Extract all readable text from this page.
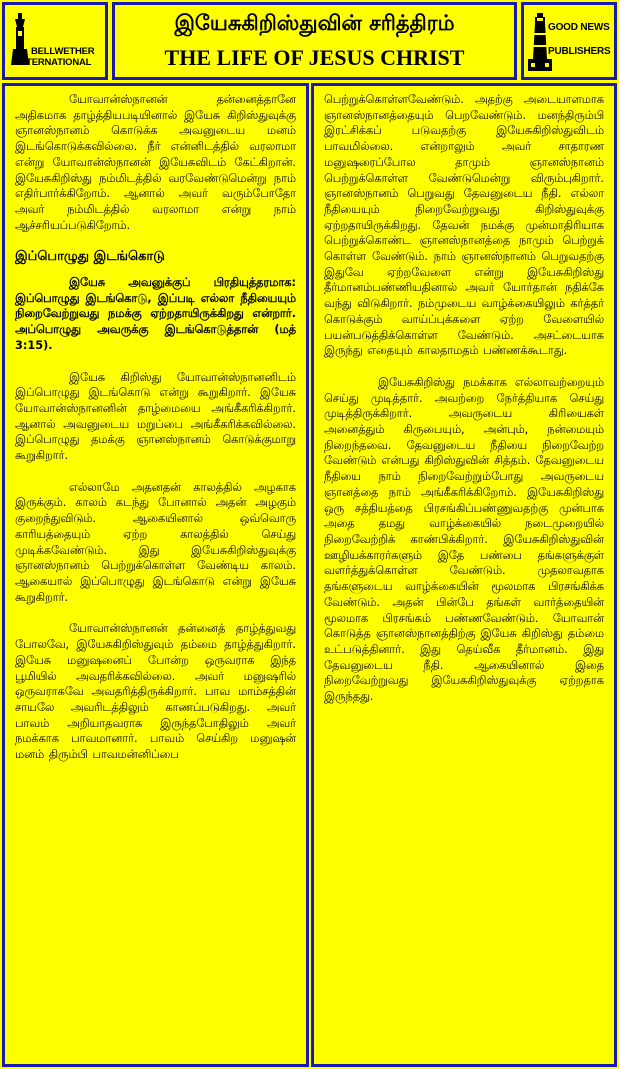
BELLWETHER
INTERNATIONAL
இயேசுகிறிஸ்துவின் சரித்திரம்
THE LIFE OF JESUS CHRIST
GOOD NEWS
PUBLISHERS

யோவான்ஸ்நானன் தன்னைத்தானே அதிகமாக தாழ்த்தியபடியினால் இயேசு கிறிஸ்துவுக்கு ஞானஸ்நானம் கொடுக்க அவனுடைய மனம் இடங்கொடுக்கவில்லை. நீர் என்னிடத்தில் வரலாமா என்று யோவான்ஸ்நானன் இயேசுவிடம் கேட்கிறான். இயேசுகிறிஸ்து நம்மிடத்தில் வரவேண்டுமென்று நாம் எதிர்பார்க்கிறோம். ஆனால் அவர் வரும்போதோ அவர் நம்மிடத்தில் வரலாமா என்று நாம் ஆச்சரியப்படுகிறோம்.

இப்பொழுது இடங்கொடு

இயேசு அவனுக்குப் பிரதியுத்தரமாக: இப்பொழுது இடங்கொடு, இப்படி எல்லா நீதியையும் நிறைவேற்றுவது நமக்கு ஏற்றதாயிருக்கிறது என்றார். அப்பொழுது அவருக்கு இடங்கொடுத்தான் (மத் 3:15).

இயேசு கிறிஸ்து யோவான்ஸ்நானனிடம் இப்பொழுது இடங்கொடு என்று கூறுகிறார். இயேசு யோவான்ஸ்நானனின் தாழ்மையை அங்கீகரிக்கிறார். ஆனால் அவனுடைய மறுப்பை அங்கீகரிக்கவில்லை. இப்பொழுது தமக்கு ஞானஸ்நானம் கொடுக்குமாறு கூறுகிறார்.

எல்லாமே அதனதன் காலத்தில் அழகாக இருக்கும். காலம் கடந்து போனால் அதன் அழகும் குறைந்துவிடும். ஆகையினால் ஒவ்வொரு காரியத்தையும் ஏற்ற காலத்தில் செய்து முடிக்கவேண்டும். இது இயேசுகிறிஸ்துவுக்கு ஞானஸ்நானம் பெற்றுக்கொள்ள வேண்டிய காலம். ஆகையால் இப்பொழுது இடங்கொடு என்று இயேசு கூறுகிறார்.

யோவான்ஸ்நானன் தன்னைத் தாழ்த்துவது போலவே, இயேசுகிறிஸ்துவும் தம்மை தாழ்த்துகிறார். இயேசு மனுஷனைப் போன்ற ஒருவராக இந்த பூமியில் அவதரிக்கவில்லை. அவர் மனுஷரில் ஒருவராகவே அவதரித்திருக்கிறார். பாவ மாம்சத்தின் சாயலே அவரிடத்திலும் காணப்படுகிறது. அவர் பாவம் அறியாதவராக இருந்தபோதிலும் அவர் நமக்காக பாவமானார். பாவம் செய்கிற மனுஷன் மனம் திரும்பி பாவமன்னிப்பை

பெற்றுக்கொள்ளவேண்டும். அதற்கு அடையாளமாக ஞானஸ்நானத்தையும் பெறவேண்டும். மனந்திரும்பி இரட்சிக்கப் படுவதற்கு இயேசுகிறிஸ்துவிடம் பாவமில்லை. என்றாலும் அவர் சாதாரண மனுஷரைப்போல தாமும் ஞானஸ்நானம் பெற்றுக்கொள்ள வேண்டுமென்று விரும்புகிறார். ஞானஸ்நானம் பெறுவது தேவனுடைய நீதி. எல்லா நீதியையும் நிறைவேற்றுவது கிறிஸ்துவுக்கு ஏற்றதாயிருக்கிறது. தேவன் நமக்கு முன்மாதிரியாக பெற்றுக்கொண்ட ஞானஸ்நானத்தை நாமும் பெற்றுக் கொள்ள வேண்டும். நாம் ஞானஸ்நானம் பெறுவதற்கு இதுவே ஏற்றவேளை என்று இயேசுகிறிஸ்து தீர்மானம்பண்ணியதினால் அவர் யோர்தான் நதிக்கே வந்து விடுகிறார். நம்முடைய வாழ்க்கையிலும் கர்த்தர் கொடுக்கும் வாய்ப்புக்களை ஏற்ற வேளையில் பயன்படுத்திக்கொள்ள வேண்டும். அசட்டையாக இருந்து எதையும் காலதாமதம் பண்ணக்கூடாது.

இயேசுகிறிஸ்து நமக்காக எல்லாவற்றையும் செய்து முடித்தார். அவற்றை நேர்த்தியாக செய்து முடித்திருக்கிறார். அவருடைய கிரியைகள் அனைத்தும் கிருபையும், அன்பும், நன்மையும் நிறைந்தவை. தேவனுடைய நீதியை நிறைவேற்ற வேண்டும் என்பது கிறிஸ்துவின் சித்தம். தேவனுடைய நீதியை நாம் நிறைவேற்றும்போது அவருடைய ஞானத்தை நாம் அங்கீகரிக்கிறோம். இயேசுகிறிஸ்து ஒரு சத்தியத்தை பிரசங்கிப்பண்ணுவதற்கு முன்பாக அதை தமது வாழ்க்கையில் நடைமுறையில் நிறைவேற்றிக் காண்பிக்கிறார். இயேசுகிறிஸ்துவின் ஊழியக்காரர்களும் இதே பண்பை தங்களுக்குள் வளர்த்துக்கொள்ள வேண்டும். முதலாவதாக தங்களுடைய வாழ்க்கையின் மூலமாக பிரசங்கிக்க வேண்டும். அதன் பின்பே தங்கள் வார்த்தையின் மூலமாக பிரசங்கம் பண்ணவேண்டும். யோவான் கொடுத்த ஞானஸ்நானத்திற்கு இயேசு கிறிஸ்து தம்மை உட்படுத்தினார். இது தெய்வீக தீர்மானம். இது தேவனுடைய நீதி. ஆகையினால் இதை நிறைவேற்றுவது இயேசுகிறிஸ்துவுக்கு ஏற்றதாக இருந்தது.
